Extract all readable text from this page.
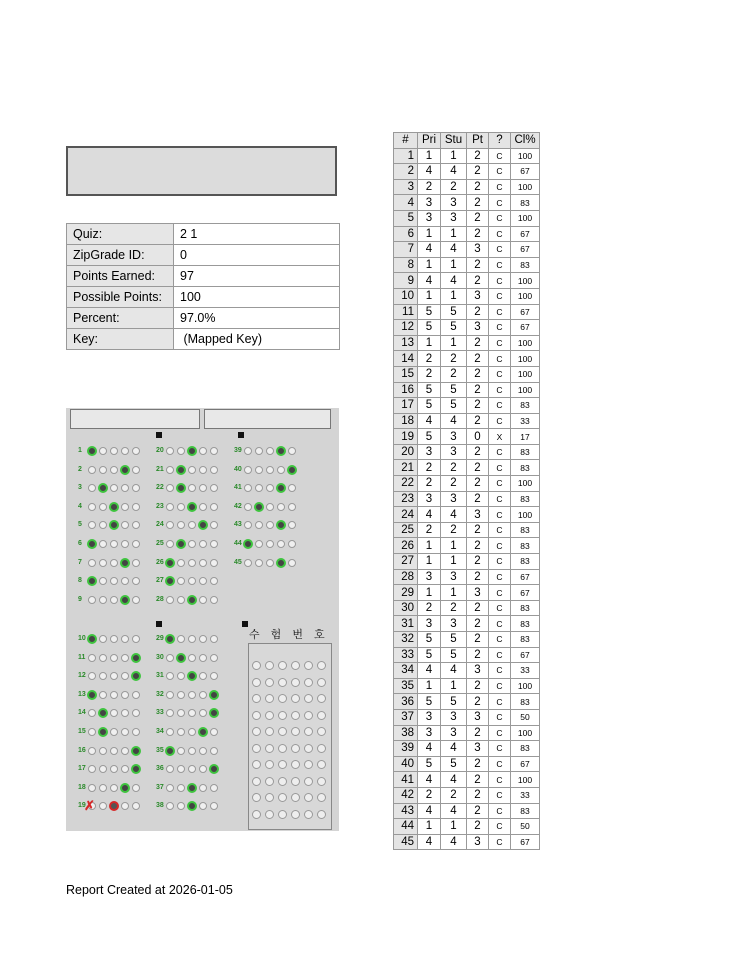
Quiz:	2 1
ZipGrade ID:	0
Points Earned:	97
Possible Points:	100
Percent:	97.0%
Key:	(Mapped Key)
수 험 번 호
1
2
3
4
5
6
7
8
9
20
21
22
23
24
25
26
27
28
39
40
41
42
43
44
45
10
11
12
13
14
15
16
17
18
19
✗
29
30
31
32
33
34
35
36
37
38
#	Pri	Stu	Pt	?	Cl%
1	1	1	2	C	100
2	4	4	2	C	67
3	2	2	2	C	100
4	3	3	2	C	83
5	3	3	2	C	100
6	1	1	2	C	67
7	4	4	3	C	67
8	1	1	2	C	83
9	4	4	2	C	100
10	1	1	3	C	100
11	5	5	2	C	67
12	5	5	3	C	67
13	1	1	2	C	100
14	2	2	2	C	100
15	2	2	2	C	100
16	5	5	2	C	100
17	5	5	2	C	83
18	4	4	2	C	33
19	5	3	0	X	17
20	3	3	2	C	83
21	2	2	2	C	83
22	2	2	2	C	100
23	3	3	2	C	83
24	4	4	3	C	100
25	2	2	2	C	83
26	1	1	2	C	83
27	1	1	2	C	83
28	3	3	2	C	67
29	1	1	3	C	67
30	2	2	2	C	83
31	3	3	2	C	83
32	5	5	2	C	83
33	5	5	2	C	67
34	4	4	3	C	33
35	1	1	2	C	100
36	5	5	2	C	83
37	3	3	3	C	50
38	3	3	2	C	100
39	4	4	3	C	83
40	5	5	2	C	67
41	4	4	2	C	100
42	2	2	2	C	33
43	4	4	2	C	83
44	1	1	2	C	50
45	4	4	3	C	67
Report Created at 2026-01-05
